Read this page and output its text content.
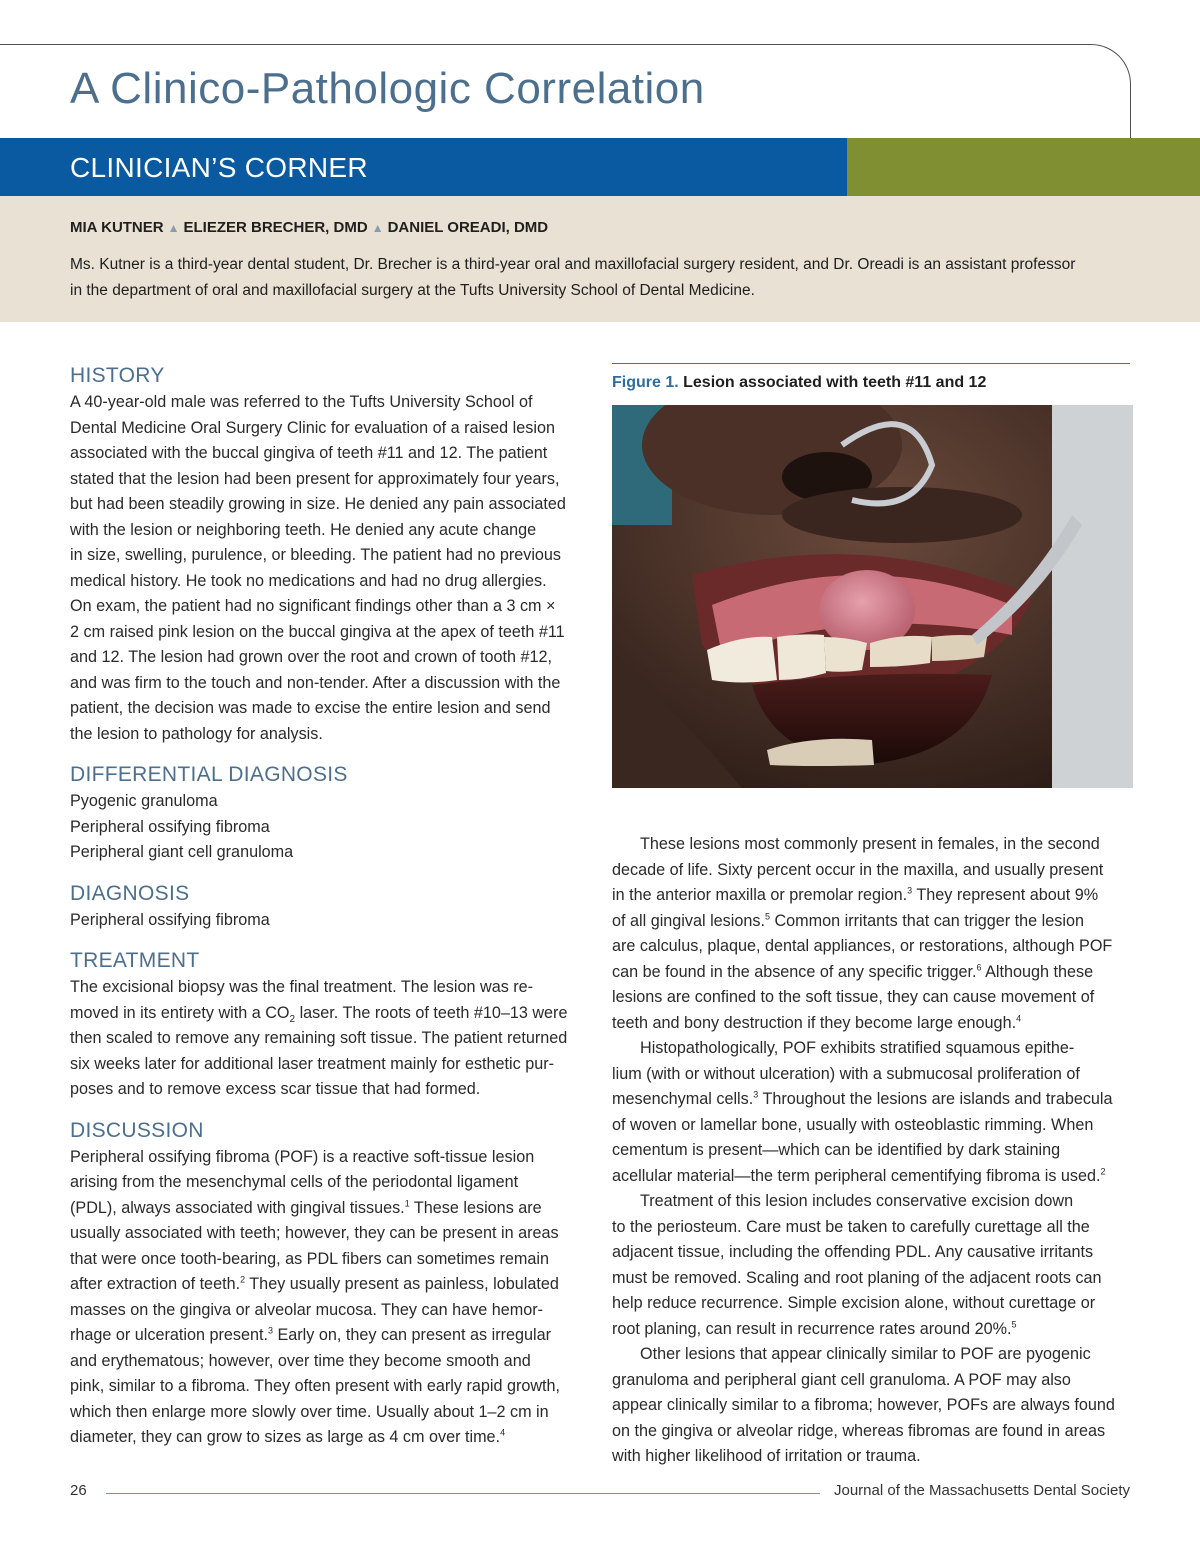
A Clinico-Pathologic Correlation
CLINICIAN’S CORNER
MIA KUTNER ▲ ELIEZER BRECHER, DMD ▲ DANIEL OREADI, DMD
Ms. Kutner is a third-year dental student, Dr. Brecher is a third-year oral and maxillofacial surgery resident, and Dr. Oreadi is an assistant professor
in the department of oral and maxillofacial surgery at the Tufts University School of Dental Medicine.
HISTORY
A 40-year-old male was referred to the Tufts University School of
Dental Medicine Oral Surgery Clinic for evaluation of a raised lesion
associated with the buccal gingiva of teeth #11 and 12. The patient
stated that the lesion had been present for approximately four years,
but had been steadily growing in size. He denied any pain associated
with the lesion or neighboring teeth. He denied any acute change
in size, swelling, purulence, or bleeding. The patient had no previous
medical history. He took no medications and had no drug allergies.
On exam, the patient had no significant findings other than a 3 cm ×
2 cm raised pink lesion on the buccal gingiva at the apex of teeth #11
and 12. The lesion had grown over the root and crown of tooth #12,
and was firm to the touch and non-tender. After a discussion with the
patient, the decision was made to excise the entire lesion and send
the lesion to pathology for analysis.
DIFFERENTIAL DIAGNOSIS
Pyogenic granuloma
Peripheral ossifying fibroma
Peripheral giant cell granuloma
DIAGNOSIS
Peripheral ossifying fibroma
TREATMENT
The excisional biopsy was the final treatment. The lesion was re-
moved in its entirety with a $CO_2$ laser. The roots of teeth #10–13 were
then scaled to remove any remaining soft tissue. The patient returned
six weeks later for additional laser treatment mainly for esthetic pur-
poses and to remove excess scar tissue that had formed.
DISCUSSION
Peripheral ossifying fibroma (POF) is a reactive soft-tissue lesion
arising from the mesenchymal cells of the periodontal ligament
(PDL), always associated with gingival tissues.$^1$ These lesions are
usually associated with teeth; however, they can be present in areas
that were once tooth-bearing, as PDL fibers can sometimes remain
after extraction of teeth.$^2$ They usually present as painless, lobulated
masses on the gingiva or alveolar mucosa. They can have hemor-
rhage or ulceration present.$^3$ Early on, they can present as irregular
and erythematous; however, over time they become smooth and
pink, similar to a fibroma. They often present with early rapid growth,
which then enlarge more slowly over time. Usually about 1–2 cm in
diameter, they can grow to sizes as large as 4 cm over time.$^4$
Figure 1. Lesion associated with teeth #11 and 12
These lesions most commonly present in females, in the second
decade of life. Sixty percent occur in the maxilla, and usually present
in the anterior maxilla or premolar region.$^3$ They represent about 9%
of all gingival lesions.$^5$ Common irritants that can trigger the lesion
are calculus, plaque, dental appliances, or restorations, although POF
can be found in the absence of any specific trigger.$^6$ Although these
lesions are confined to the soft tissue, they can cause movement of
teeth and bony destruction if they become large enough.$^4$
Histopathologically, POF exhibits stratified squamous epithe-
lium (with or without ulceration) with a submucosal proliferation of
mesenchymal cells.$^3$ Throughout the lesions are islands and trabecula
of woven or lamellar bone, usually with osteoblastic rimming. When
cementum is present—which can be identified by dark staining
acellular material—the term peripheral cementifying fibroma is used.$^2$
Treatment of this lesion includes conservative excision down
to the periosteum. Care must be taken to carefully curettage all the
adjacent tissue, including the offending PDL. Any causative irritants
must be removed. Scaling and root planing of the adjacent roots can
help reduce recurrence. Simple excision alone, without curettage or
root planing, can result in recurrence rates around 20%.$^5$
Other lesions that appear clinically similar to POF are pyogenic
granuloma and peripheral giant cell granuloma. A POF may also
appear clinically similar to a fibroma; however, POFs are always found
on the gingiva or alveolar ridge, whereas fibromas are found in areas
with higher likelihood of irritation or trauma.
26	Journal of the Massachusetts Dental Society
